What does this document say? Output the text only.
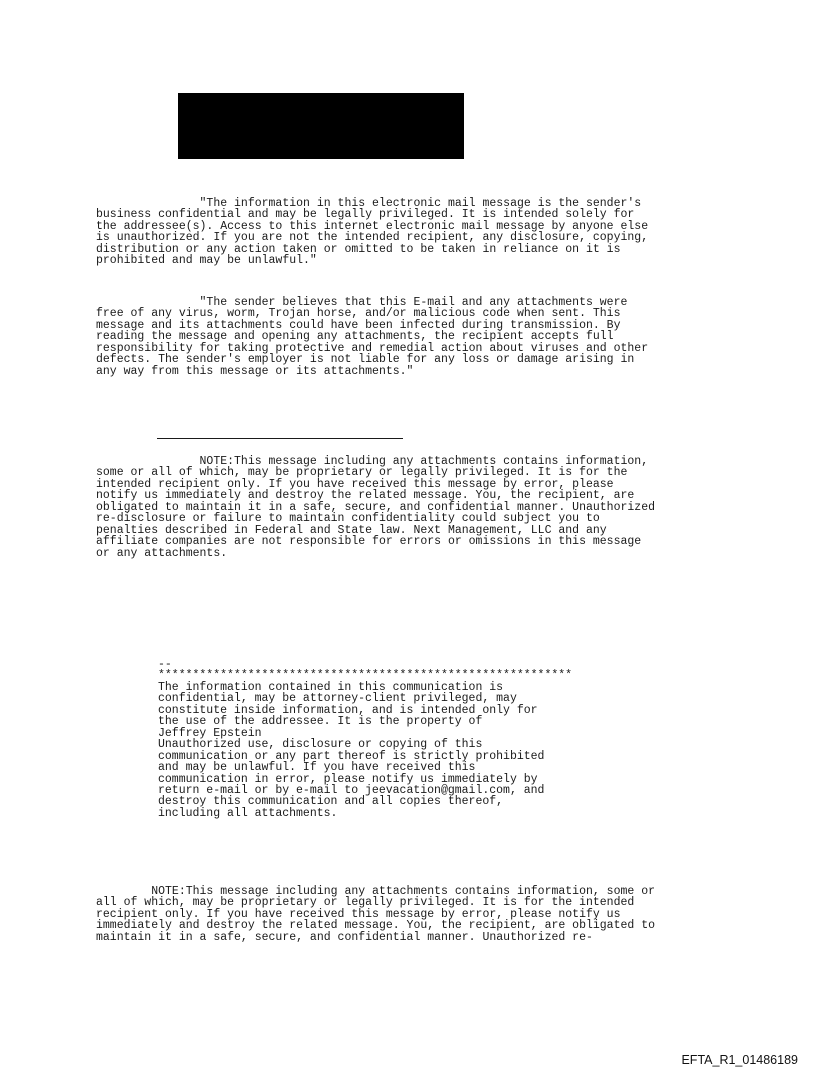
"The information in this electronic mail message is the sender's
business confidential and may be legally privileged. It is intended solely for
the addressee(s). Access to this internet electronic mail message by anyone else
is unauthorized. If you are not the intended recipient, any disclosure, copying,
distribution or any action taken or omitted to be taken in reliance on it is
prohibited and may be unlawful."

"The sender believes that this E-mail and any attachments were
free of any virus, worm, Trojan horse, and/or malicious code when sent. This
message and its attachments could have been infected during transmission. By
reading the message and opening any attachments, the recipient accepts full
responsibility for taking protective and remedial action about viruses and other
defects. The sender's employer is not liable for any loss or damage arising in
any way from this message or its attachments."

NOTE:This message including any attachments contains information,
some or all of which, may be proprietary or legally privileged. It is for the
intended recipient only. If you have received this message by error, please
notify us immediately and destroy the related message. You, the recipient, are
obligated to maintain it in a safe, secure, and confidential manner. Unauthorized
re-disclosure or failure to maintain confidentiality could subject you to
penalties described in Federal and State law. Next Management, LLC and any
affiliate companies are not responsible for errors or omissions in this message
or any attachments.

--
************************************************************
The information contained in this communication is
confidential, may be attorney-client privileged, may
constitute inside information, and is intended only for
the use of the addressee. It is the property of
Jeffrey Epstein
Unauthorized use, disclosure or copying of this
communication or any part thereof is strictly prohibited
and may be unlawful. If you have received this
communication in error, please notify us immediately by
return e-mail or by e-mail to jeevacation@gmail.com, and
destroy this communication and all copies thereof,
including all attachments.

NOTE:This message including any attachments contains information, some or
all of which, may be proprietary or legally privileged. It is for the intended
recipient only. If you have received this message by error, please notify us
immediately and destroy the related message. You, the recipient, are obligated to
maintain it in a safe, secure, and confidential manner. Unauthorized re-

EFTA_R1_01486189
